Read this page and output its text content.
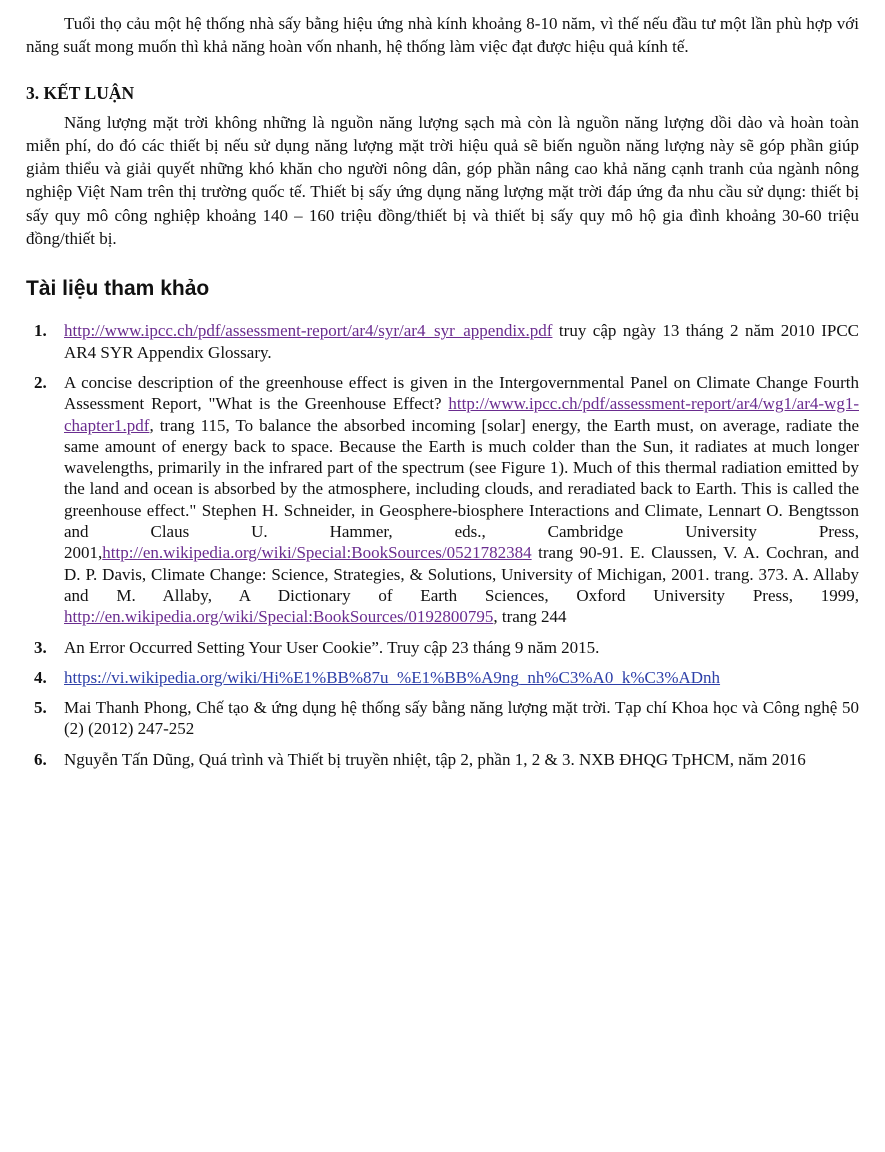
Tuổi thọ cảu một hệ thống nhà sấy bằng hiệu ứng nhà kính khoảng 8-10 năm, vì thế nếu đầu tư một lần phù hợp với năng suất mong muốn thì khả năng hoàn vốn nhanh, hệ thống làm việc đạt được hiệu quả kính tế.

3. KẾT LUẬN

Năng lượng mặt trời không những là nguồn năng lượng sạch mà còn là nguồn năng lượng dồi dào và hoàn toàn miễn phí, do đó các thiết bị nếu sử dụng năng lượng mặt trời hiệu quả sẽ biến nguồn năng lượng này sẽ góp phần giúp giảm thiểu và giải quyết những khó khăn cho người nông dân, góp phần nâng cao khả năng cạnh tranh của ngành nông nghiệp Việt Nam trên thị trường quốc tế. Thiết bị sấy ứng dụng năng lượng mặt trời đáp ứng đa nhu cầu sử dụng: thiết bị sấy quy mô công nghiệp khoảng 140 – 160 triệu đồng/thiết bị và thiết bị sấy quy mô hộ gia đình khoảng 30-60 triệu đồng/thiết bị.

Tài liệu tham khảo
1. http://www.ipcc.ch/pdf/assessment-report/ar4/syr/ar4_syr_appendix.pdf truy cập ngày 13 tháng 2 năm 2010 IPCC AR4 SYR Appendix Glossary.
2. A concise description of the greenhouse effect is given in the Intergovernmental Panel on Climate Change Fourth Assessment Report, "What is the Greenhouse Effect? http://www.ipcc.ch/pdf/assessment-report/ar4/wg1/ar4-wg1-chapter1.pdf, trang 115, To balance the absorbed incoming [solar] energy, the Earth must, on average, radiate the same amount of energy back to space. Because the Earth is much colder than the Sun, it radiates at much longer wavelengths, primarily in the infrared part of the spectrum (see Figure 1). Much of this thermal radiation emitted by the land and ocean is absorbed by the atmosphere, including clouds, and reradiated back to Earth. This is called the greenhouse effect." Stephen H. Schneider, in Geosphere-biosphere Interactions and Climate, Lennart O. Bengtsson and Claus U. Hammer, eds., Cambridge University Press, 2001,http://en.wikipedia.org/wiki/Special:BookSources/0521782384 trang 90-91. E. Claussen, V. A. Cochran, and D. P. Davis, Climate Change: Science, Strategies, & Solutions, University of Michigan, 2001. trang. 373. A. Allaby and M. Allaby, A Dictionary of Earth Sciences, Oxford University Press, 1999, http://en.wikipedia.org/wiki/Special:BookSources/0192800795, trang 244
3. An Error Occurred Setting Your User Cookie”. Truy cập 23 tháng 9 năm 2015.
4. https://vi.wikipedia.org/wiki/Hi%E1%BB%87u_%E1%BB%A9ng_nh%C3%A0_k%C3%ADnh
5. Mai Thanh Phong, Chế tạo & ứng dụng hệ thống sấy bằng năng lượng mặt trời. Tạp chí Khoa học và Công nghệ 50 (2) (2012) 247-252
6. Nguyễn Tấn Dũng, Quá trình và Thiết bị truyền nhiệt, tập 2, phần 1, 2 & 3. NXB ĐHQG TpHCM, năm 2016
